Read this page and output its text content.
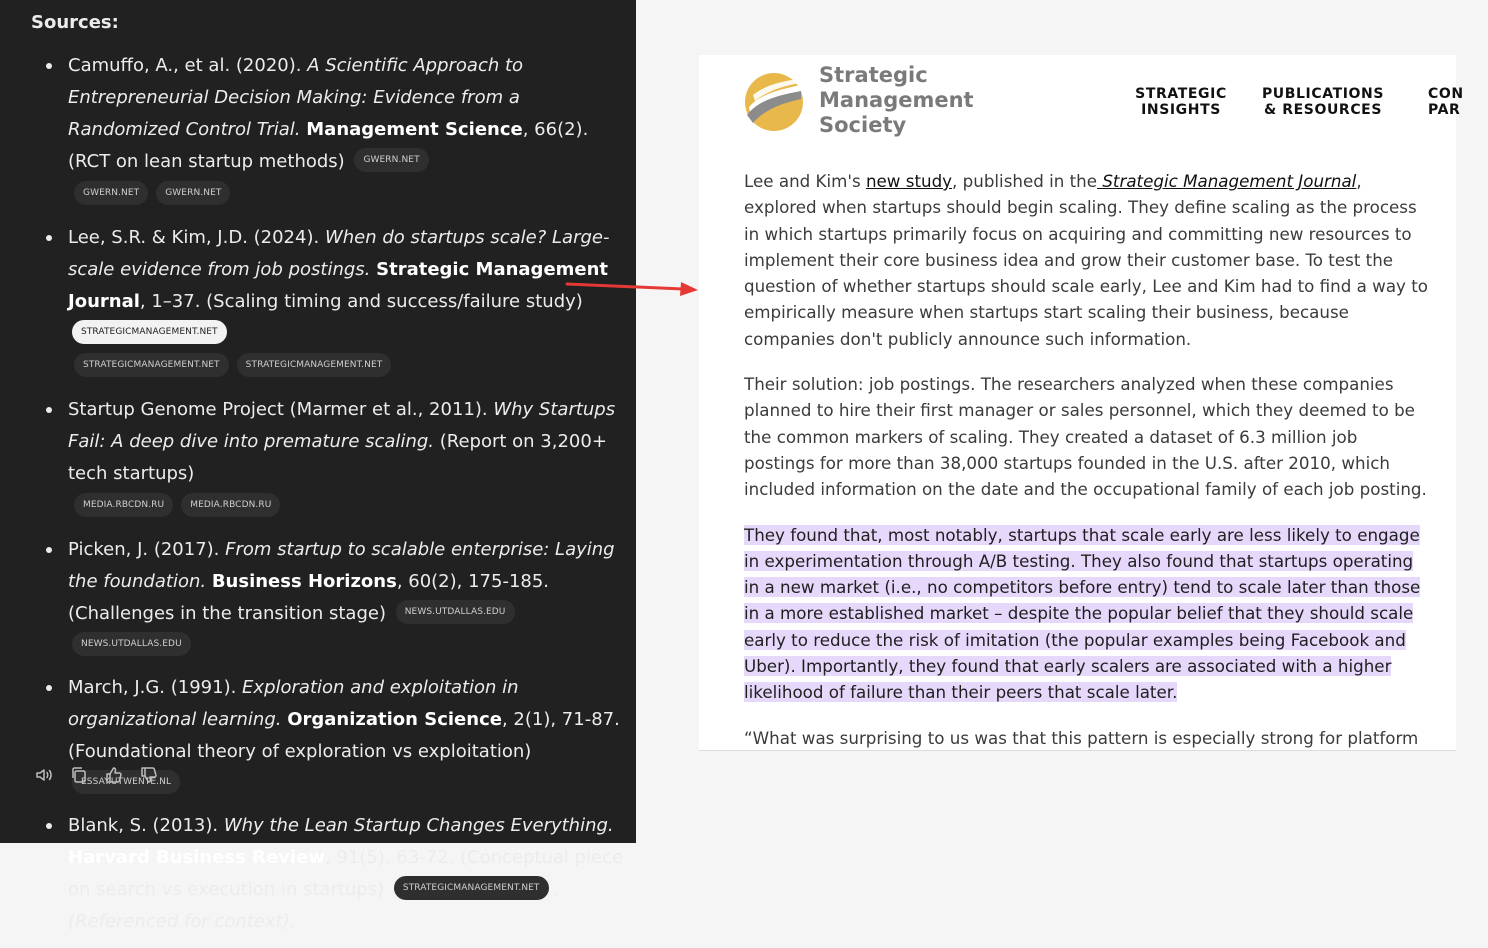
Sources:
Camuffo, A., et al. (2020). A Scientific Approach to Entrepreneurial Decision Making: Evidence from a Randomized Control Trial. Management Science, 66(2). (RCT on lean startup methods) GWERN.NET
GWERN.NET	GWERN.NET
Lee, S.R. & Kim, J.D. (2024). When do startups scale? Large-scale evidence from job postings. Strategic Management Journal, 1–37. (Scaling timing and success/failure study) STRATEGICMANAGEMENT.NET
STRATEGICMANAGEMENT.NET	STRATEGICMANAGEMENT.NET
Startup Genome Project (Marmer et al., 2011). Why Startups Fail: A deep dive into premature scaling. (Report on 3,200+ tech startups)
MEDIA.RBCDN.RU	MEDIA.RBCDN.RU
Picken, J. (2017). From startup to scalable enterprise: Laying the foundation. Business Horizons, 60(2), 175-185. (Challenges in the transition stage) NEWS.UTDALLAS.EDUNEWS.UTDALLAS.EDU
March, J.G. (1991). Exploration and exploitation in organizational learning. Organization Science, 2(1), 71-87. (Foundational theory of exploration vs exploitation) ESSAY.UTWENTE.NL
Blank, S. (2013). Why the Lean Startup Changes Everything. Harvard Business Review, 91(5), 63-72. (Conceptual piece on search vs execution in startups) STRATEGICMANAGEMENT.NET . (Referenced for context).
Strategic
Management
Society
STRATEGIC
INSIGHTS
PUBLICATIONS
& RESOURCES
CON
PAR

Lee and Kim's new study, published in the Strategic Management Journal, explored when startups should begin scaling. They define scaling as the process in which startups primarily focus on acquiring and committing new resources to implement their core business idea and grow their customer base. To test the question of whether startups should scale early, Lee and Kim had to find a way to empirically measure when startups start scaling their business, because companies don't publicly announce such information.

Their solution: job postings. The researchers analyzed when these companies planned to hire their first manager or sales personnel, which they deemed to be the common markers of scaling. They created a dataset of 6.3 million job postings for more than 38,000 startups founded in the U.S. after 2010, which included information on the date and the occupational family of each job posting.

They found that, most notably, startups that scale early are less likely to engage in experimentation through A/B testing. They also found that startups operating in a new market (i.e., no competitors before entry) tend to scale later than those in a more established market – despite the popular belief that they should scale early to reduce the risk of imitation (the popular examples being Facebook and Uber). Importantly, they found that early scalers are associated with a higher likelihood of failure than their peers that scale later.

“What was surprising to us was that this pattern is especially strong for platform
